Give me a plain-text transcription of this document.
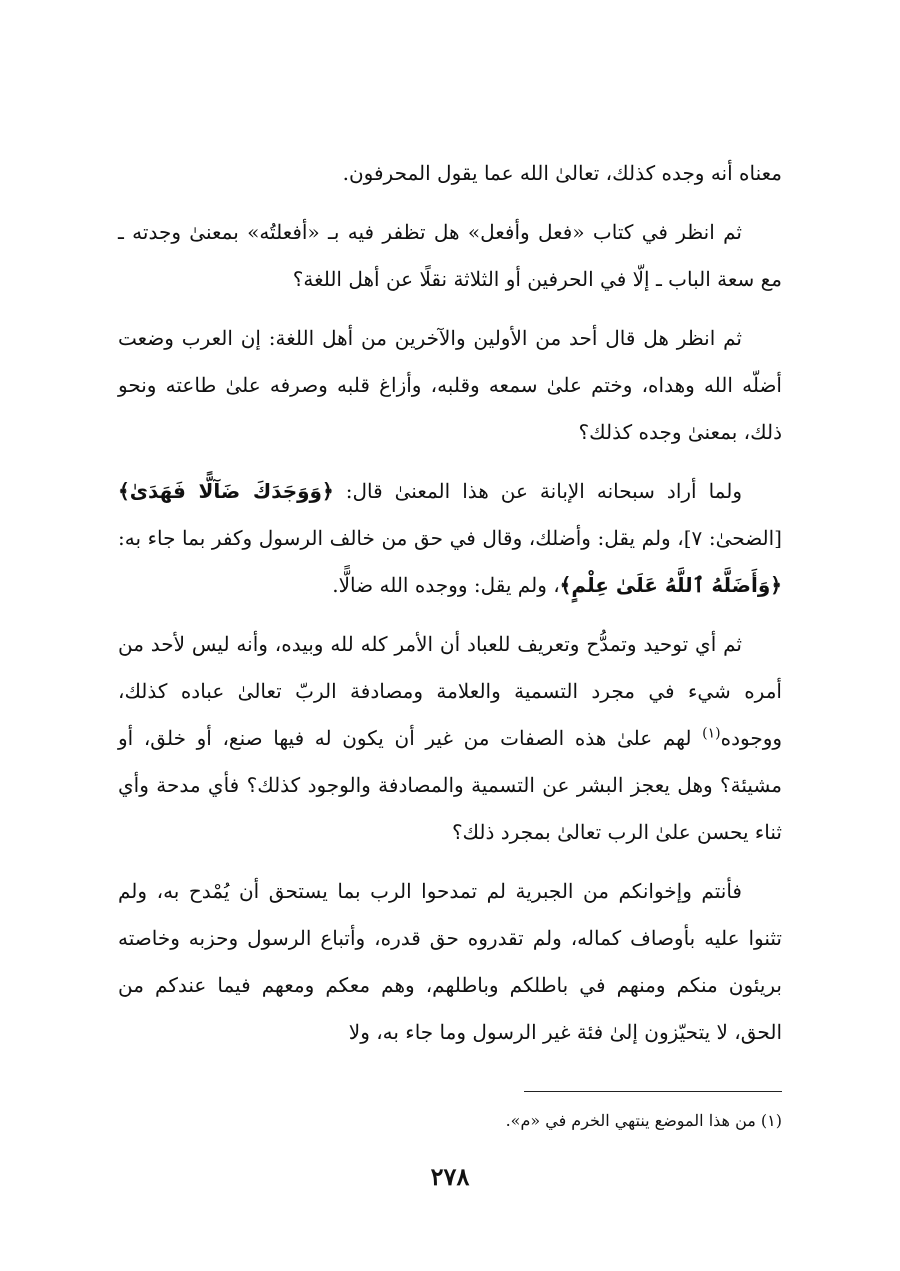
معناه أنه وجده كذلك، تعالىٰ الله عما يقول المحرفون.

ثم انظر في كتاب «فعل وأفعل» هل تظفر فيه بـ «أفعلتُه» بمعنىٰ وجدته ـ مع سعة الباب ـ إلّا في الحرفين أو الثلاثة نقلًا عن أهل اللغة؟

ثم انظر هل قال أحد من الأولين والآخرين من أهل اللغة: إن العرب وضعت أضلّه الله وهداه، وختم علىٰ سمعه وقلبه، وأزاغ قلبه وصرفه علىٰ طاعته ونحو ذلك، بمعنىٰ وجده كذلك؟

ولما أراد سبحانه الإبانة عن هذا المعنىٰ قال: ﴿وَوَجَدَكَ ضَآلًّا فَهَدَىٰ﴾ [الضحىٰ: ٧]، ولم يقل: وأضلك، وقال في حق من خالف الرسول وكفر بما جاء به: ﴿وَأَضَلَّهُ ٱللَّهُ عَلَىٰ عِلْمٍ﴾، ولم يقل: ووجده الله ضالًّا.

ثم أي توحيد وتمدُّح وتعريف للعباد أن الأمر كله لله وبيده، وأنه ليس لأحد من أمره شيء في مجرد التسمية والعلامة ومصادفة الربّ تعالىٰ عباده كذلك، ووجوده$^{(١)}$ لهم علىٰ هذه الصفات من غير أن يكون له فيها صنع، أو خلق، أو مشيئة؟ وهل يعجز البشر عن التسمية والمصادفة والوجود كذلك؟ فأي مدحة وأي ثناء يحسن علىٰ الرب تعالىٰ بمجرد ذلك؟

فأنتم وإخوانكم من الجبرية لم تمدحوا الرب بما يستحق أن يُمْدح به، ولم تثنوا عليه بأوصاف كماله، ولم تقدروه حق قدره، وأتباع الرسول وحزبه وخاصته بريئون منكم ومنهم في باطلكم وباطلهم، وهم معكم ومعهم فيما عندكم من الحق، لا يتحيّزون إلىٰ فئة غير الرسول وما جاء به، ولا

(١) من هذا الموضع ينتهي الخرم في «م».
٢٧٨
